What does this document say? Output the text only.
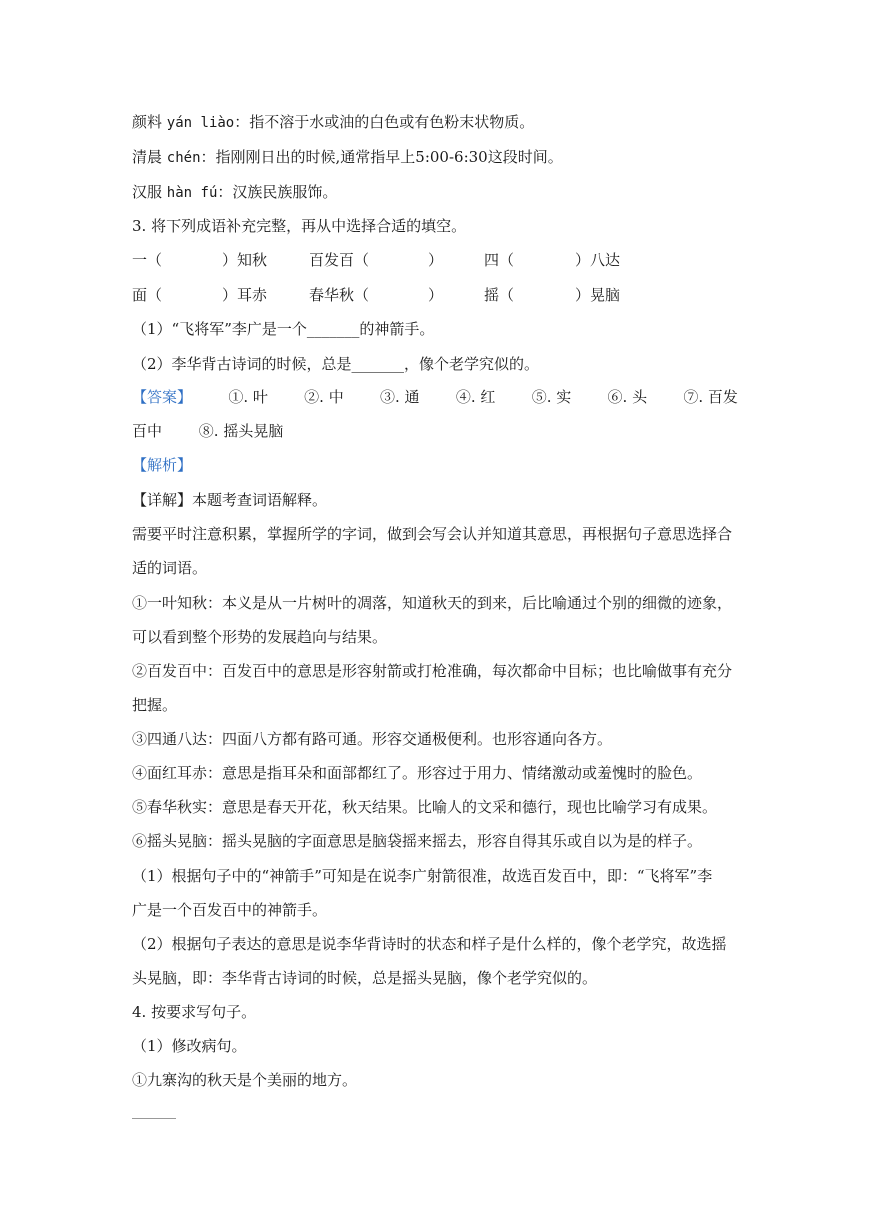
颜料 yán liào：指不溶于水或油的白色或有色粉末状物质。
清晨 chén：指刚刚日出的时候,通常指早上5:00-6:30这段时间。
汉服 hàn fú：汉族民族服饰。
3. 将下列成语补充完整，再从中选择合适的填空。
一（	）知秋	百发百（	）	四（	）八达
面（	）耳赤	春华秋（	）	摇（	）晃脑
（1）“飞将军”李广是一个_______的神箭手。
（2）李华背古诗词的时候，总是_______，像个老学究似的。
【答案】 ①. 叶 ②. 中 ③. 通 ④. 红 ⑤. 实 ⑥. 头 ⑦. 百发
百中 ⑧. 摇头晃脑
【解析】
【详解】本题考查词语解释。
需要平时注意积累，掌握所学的字词，做到会写会认并知道其意思，再根据句子意思选择合
适的词语。
①一叶知秋：本义是从一片树叶的凋落，知道秋天的到来，后比喻通过个别的细微的迹象，
可以看到整个形势的发展趋向与结果。
②百发百中：百发百中的意思是形容射箭或打枪准确，每次都命中目标；也比喻做事有充分
把握。
③四通八达：四面八方都有路可通。形容交通极便利。也形容通向各方。
④面红耳赤：意思是指耳朵和面部都红了。形容过于用力、情绪激动或羞愧时的脸色。
⑤春华秋实：意思是春天开花，秋天结果。比喻人的文采和德行，现也比喻学习有成果。
⑥摇头晃脑：摇头晃脑的字面意思是脑袋摇来摇去，形容自得其乐或自以为是的样子。
（1）根据句子中的“神箭手”可知是在说李广射箭很准，故选百发百中，即：“飞将军”李
广是一个百发百中的神箭手。
（2）根据句子表达的意思是说李华背诗时的状态和样子是什么样的，像个老学究，故选摇
头晃脑，即：李华背古诗词的时候，总是摇头晃脑，像个老学究似的。
4. 按要求写句子。
（1）修改病句。
①九寨沟的秋天是个美丽的地方。
